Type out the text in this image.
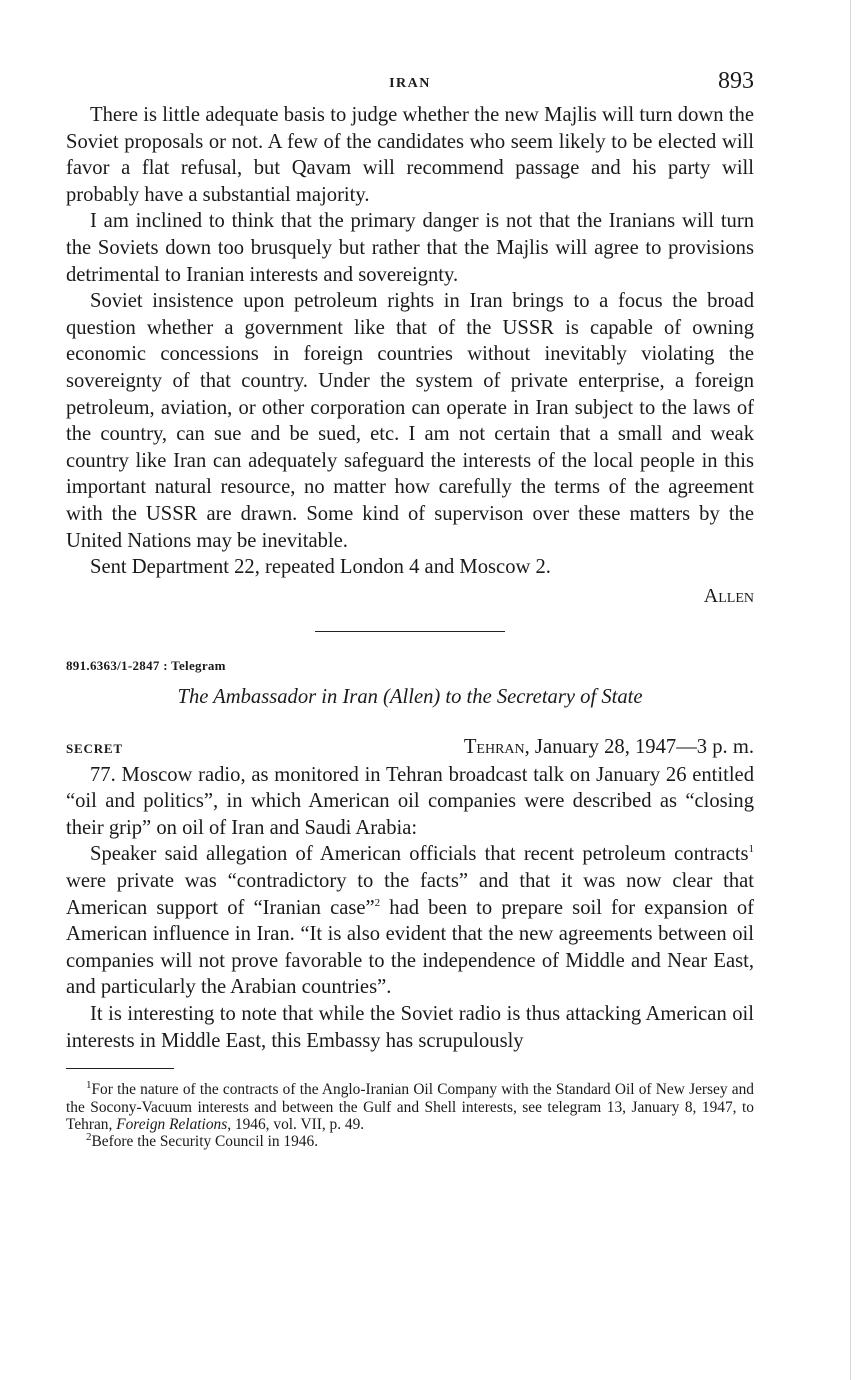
IRAN	893

There is little adequate basis to judge whether the new Majlis will turn down the Soviet proposals or not. A few of the candidates who seem likely to be elected will favor a flat refusal, but Qavam will recommend passage and his party will probably have a substantial majority.

I am inclined to think that the primary danger is not that the Iranians will turn the Soviets down too brusquely but rather that the Majlis will agree to provisions detrimental to Iranian interests and sovereignty.

Soviet insistence upon petroleum rights in Iran brings to a focus the broad question whether a government like that of the USSR is capable of owning economic concessions in foreign countries without inevitably violating the sovereignty of that country. Under the system of private enterprise, a foreign petroleum, aviation, or other corporation can operate in Iran subject to the laws of the country, can sue and be sued, etc. I am not certain that a small and weak country like Iran can adequately safeguard the interests of the local people in this important natural resource, no matter how carefully the terms of the agreement with the USSR are drawn. Some kind of supervison over these matters by the United Nations may be inevitable.

Sent Department 22, repeated London 4 and Moscow 2.

Allen
891.6363/1-2847 : Telegram
The Ambassador in Iran (Allen) to the Secretary of State
SECRET	Tehran, January 28, 1947—3 p. m.

77. Moscow radio, as monitored in Tehran broadcast talk on January 26 entitled “oil and politics”, in which American oil companies were described as “closing their grip” on oil of Iran and Saudi Arabia:

Speaker said allegation of American officials that recent petroleum contracts$^1$ were private was “contradictory to the facts” and that it was now clear that American support of “Iranian case”$^2$ had been to prepare soil for expansion of American influence in Iran. “It is also evident that the new agreements between oil companies will not prove favorable to the independence of Middle and Near East, and particularly the Arabian countries”.

It is interesting to note that while the Soviet radio is thus attacking American oil interests in Middle East, this Embassy has scrupulously

$^1$For the nature of the contracts of the Anglo-Iranian Oil Company with the Standard Oil of New Jersey and the Socony-Vacuum interests and between the Gulf and Shell interests, see telegram 13, January 8, 1947, to Tehran, Foreign Relations, 1946, vol. VII, p. 49.

$^2$Before the Security Council in 1946.
